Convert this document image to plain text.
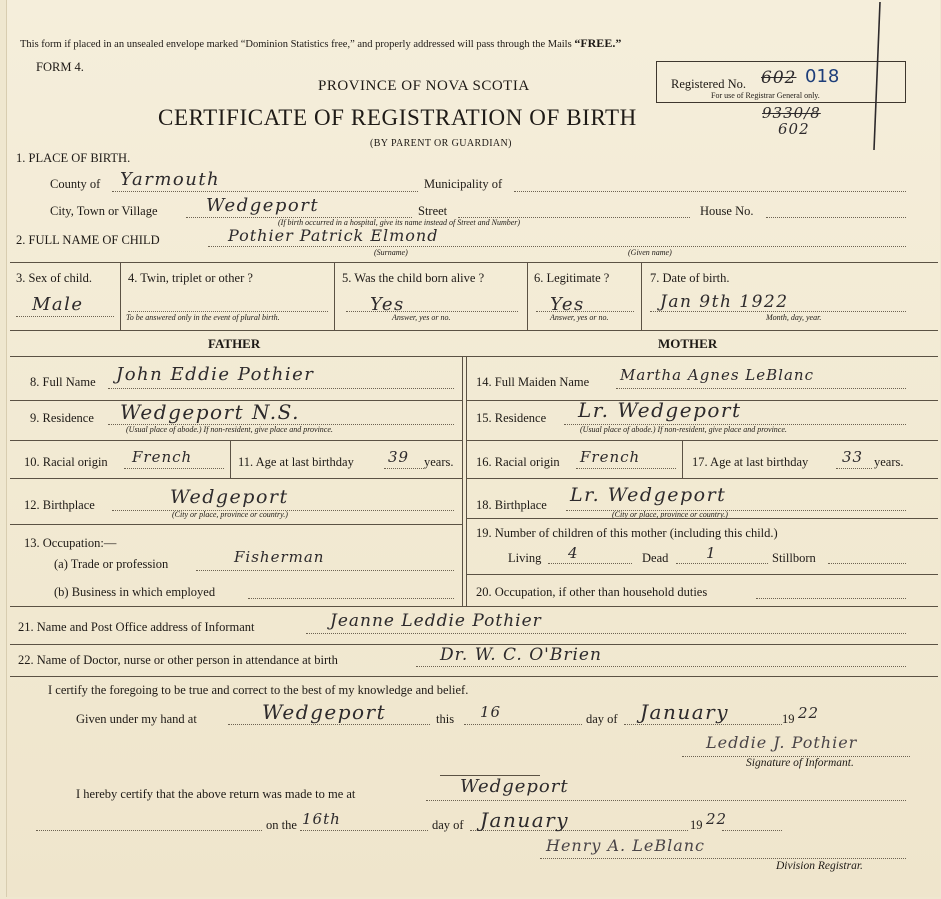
This form if placed in an unsealed envelope marked “Dominion Statistics free,” and properly addressed will pass through the Mails “FREE.”
FORM 4.
PROVINCE OF NOVA SCOTIA
CERTIFICATE OF REGISTRATION OF BIRTH
(BY PARENT OR GUARDIAN)
Registered No. 602 018
For use of Registrar General only.
9330/8
602
1. PLACE OF BIRTH.
County of Yarmouth	Municipality of
City, Town or Village	Wedgeport	Street	House No.
(If birth occurred in a hospital, give its name instead of Street and Number)
2. FULL NAME OF CHILD	Pothier Patrick Elmond
(Surname)	(Given name)
3. Sex of child.
Male
4. Twin, triplet or other ?
To be answered only in the event of plural birth.
5. Was the child born alive ?
Yes
Answer, yes or no.
6. Legitimate ?
Yes
Answer, yes or no.
7. Date of birth.
Jan 9th 1922
Month, day, year.
FATHER	MOTHER
8. Full Name John Eddie Pothier
9. Residence Wedgeport N.S.
(Usual place of abode.) If non-resident, give place and province.
10. Racial origin French	11. Age at last birthday 39 years.
12. Birthplace	Wedgeport
(City or place, province or country.)
13. Occupation:—
(a) Trade or profession	Fisherman
(b) Business in which employed
14. Full Maiden Name Martha Agnes LeBlanc
15. Residence Lr. Wedgeport
(Usual place of abode.) If non-resident, give place and province.
16. Racial origin French	17. Age at last birthday 33 years.
18. Birthplace Lr. Wedgeport
(City or place, province or country.)
19. Number of children of this mother (including this child.)
Living 4	Dead	1	Stillborn
20. Occupation, if other than household duties
21. Name and Post Office address of Informant	Jeanne Leddie Pothier
22. Name of Doctor, nurse or other person in attendance at birth	Dr. W. C. O'Brien
I certify the foregoing to be true and correct to the best of my knowledge and belief.
Given under my hand at	Wedgeport	this 16	day of January	19 22
Leddie J. Pothier
Signature of Informant.
I hereby certify that the above return was made to me at	Wedgeport
on the 16th	day of January	19 22
Henry A. LeBlanc
Division Registrar.
